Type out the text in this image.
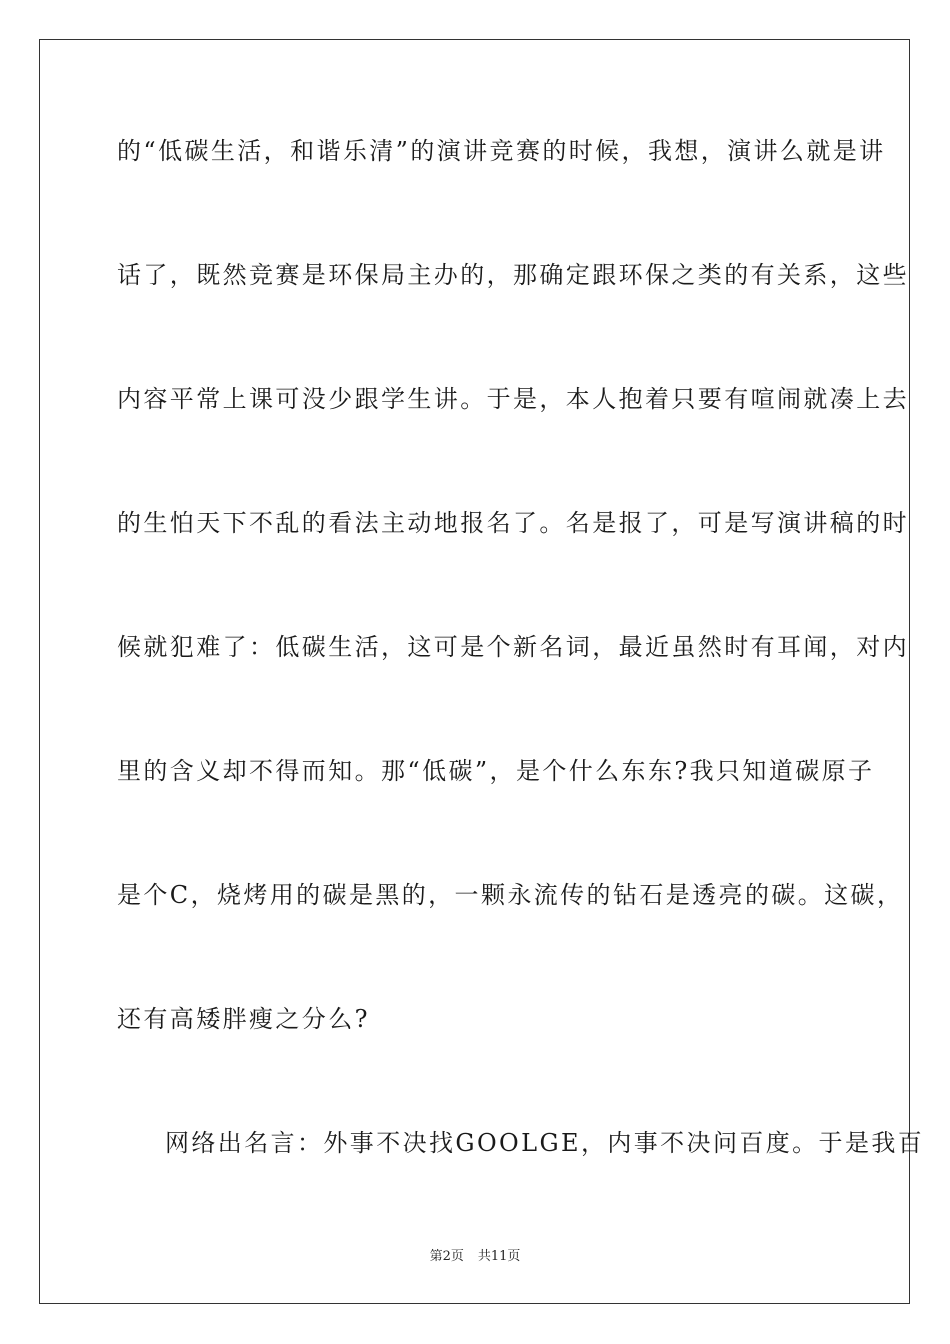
的“低碳生活，和谐乐清”的演讲竞赛的时候，我想，演讲么就是讲
话了，既然竞赛是环保局主办的，那确定跟环保之类的有关系，这些
内容平常上课可没少跟学生讲。于是，本人抱着只要有喧闹就凑上去
的生怕天下不乱的看法主动地报名了。名是报了，可是写演讲稿的时
候就犯难了：低碳生活，这可是个新名词，最近虽然时有耳闻，对内
里的含义却不得而知。那“低碳”，是个什么东东?我只知道碳原子
是个C，烧烤用的碳是黑的，一颗永流传的钻石是透亮的碳。这碳，
还有高矮胖瘦之分么?
网络出名言：外事不决找GOOLGE，内事不决问百度。于是我百
第2页 共11页
